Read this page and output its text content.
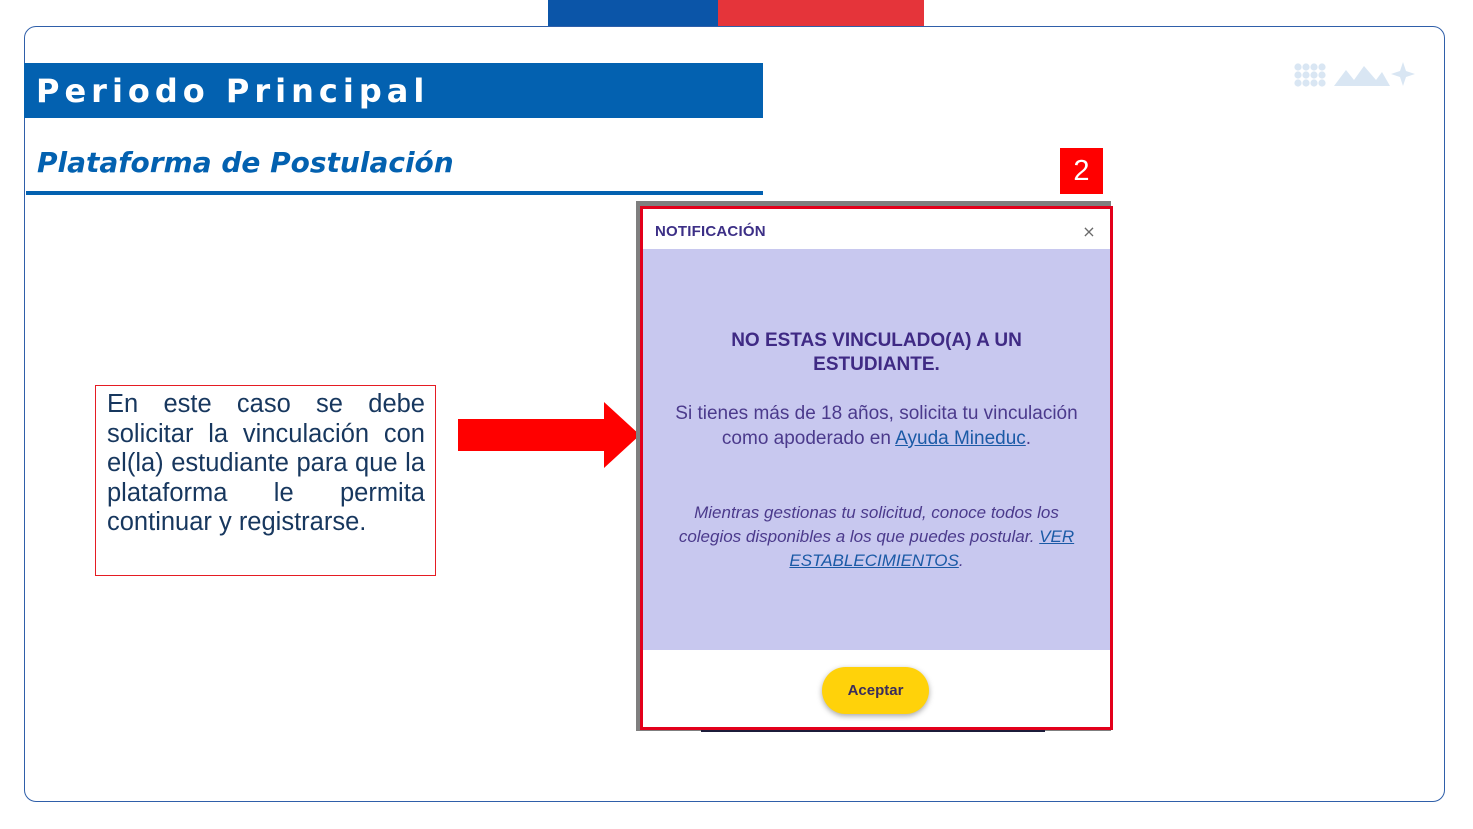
Periodo Principal
Plataforma de Postulación

En este caso se debe solicitar la vinculación con el(la) estudiante para que la plataforma le permita continuar y registrarse.

2
NOTIFICACIÓN	×
NO ESTAS VINCULADO(A) A UN
ESTUDIANTE.
Si tienes más de 18 años, solicita tu vinculación como apoderado en Ayuda Mineduc.
Mientras gestionas tu solicitud, conoce todos los colegios disponibles a los que puedes postular. VER ESTABLECIMIENTOS.
Aceptar
